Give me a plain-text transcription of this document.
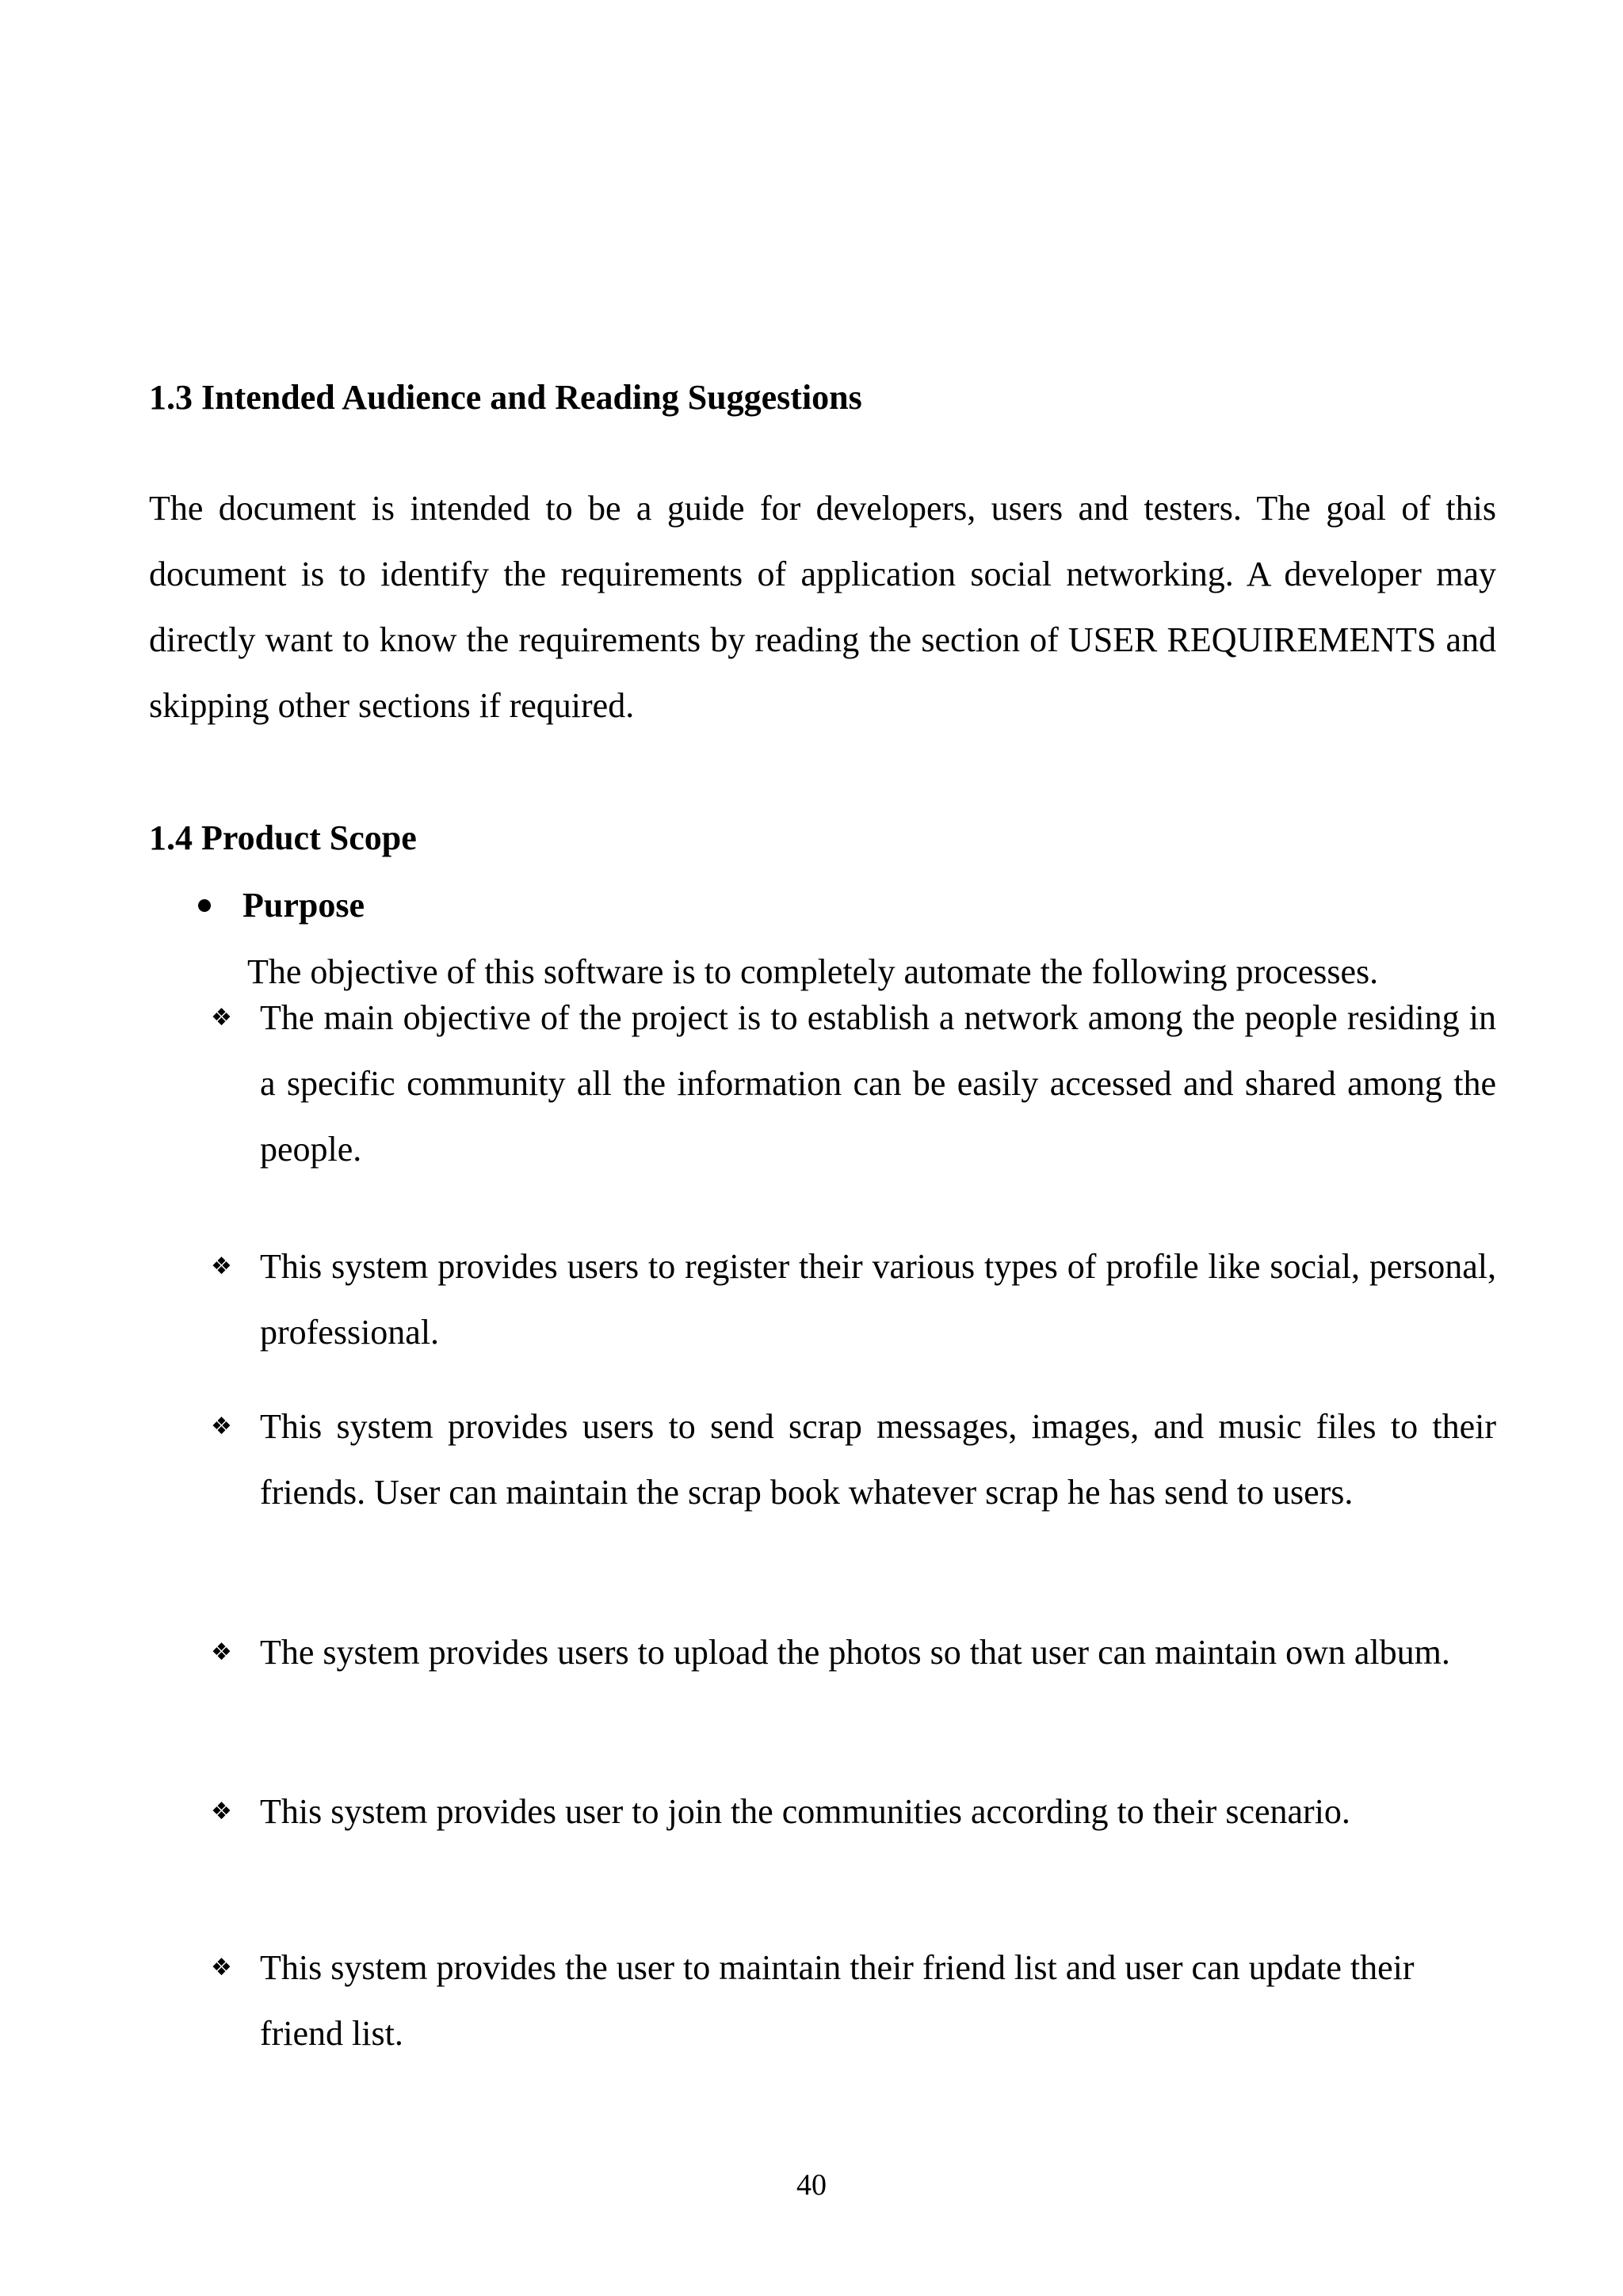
1.3 Intended Audience and Reading Suggestions
The document is intended to be a guide for developers, users and testers. The goal of this document is to identify the requirements of application social networking. A developer may directly want to know the requirements by reading the section of USER REQUIREMENTS and skipping other sections if required.
1.4 Product Scope
Purpose
The objective of this software is to completely automate the following processes.
❖ The main objective of the project is to establish a network among the people residing in a specific community all the information can be easily accessed and shared among the people.
❖ This system provides users to register their various types of profile like social, personal, professional.
❖ This system provides users to send scrap messages, images, and music files to their friends. User can maintain the scrap book whatever scrap he has send to users.
❖ The system provides users to upload the photos so that user can maintain own album.
❖ This system provides user to join the communities according to their scenario.
❖ This system provides the user to maintain their friend list and user can update their friend list.
40
